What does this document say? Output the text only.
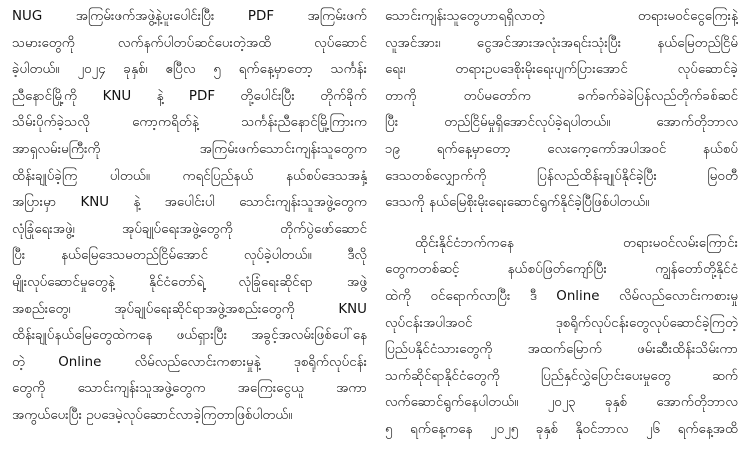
NUG အကြမ်းဖက်အဖွဲ့နဲ့ပူးပေါင်းပြီး PDF အကြမ်းဖက်
သမားတွေကို လက်နက်ပါတပ်ဆင်ပေးတဲ့အထိ လုပ်ဆောင်
ခဲ့ပါတယ်။ ၂၀၂၄ ခုနှစ်၊ ဧပြီလ ၅ ရက်နေ့မှာတော့ သင်္ကန်း
ညီနောင်မြို့ကို KNU နဲ့ PDF တို့ပေါင်းပြီး တိုက်ခိုက်
သိမ်းပိုက်ခဲ့သလို ကော့ကရိတ်နဲ့ သင်္ကန်းညီနောင်မြို့ကြားက
အာရှလမ်းမကြီးကို အကြမ်းဖက်သောင်းကျန်းသူတွေက
ထိန်းချုပ်ခဲ့ကြ ပါတယ်။ ကရင်ပြည်နယ် နယ်စပ်ဒေသအနှံ့
အပြားမှာ KNU နဲ့ အပေါင်းပါ သောင်းကျန်းသူအဖွဲ့တွေက
လုံခြုံရေးအဖွဲ့၊ အုပ်ချုပ်ရေးအဖွဲ့တွေကို တိုက်ပွဲဖော်ဆောင်
ပြီး နယ်မြေဒေသမတည်ငြိမ်အောင် လုပ်ခဲ့ပါတယ်။ ဒီလို
မျိုးလုပ်ဆောင်မှုတွေနဲ့ နိုင်ငံတော်ရဲ့ လုံခြုံရေးဆိုင်ရာ အဖွဲ့
အစည်းတွေ၊ အုပ်ချုပ်ရေးဆိုင်ရာအဖွဲ့အစည်းတွေကို KNU
ထိန်းချုပ်နယ်မြေတွေထဲကနေ ဖယ်ရှားပြီး အခွင့်အလမ်းဖြစ်ပေါ်နေ
တဲ့ Online လိမ်လည်လောင်းကစားမှုနဲ့ ဒုစရိုက်လုပ်ငန်း
တွေကို သောင်းကျန်းသူအဖွဲ့တွေက အကြေးငွေယူ အကာ
အကွယ်ပေးပြီး ဥပဒေမဲ့လုပ်ဆောင်လာခဲ့ကြတာဖြစ်ပါတယ်။
သောင်းကျန်းသူတွေဟာရရှိလာတဲ့ တရားမဝင်ငွေကြေးနဲ့
လူအင်အား၊ ငွေအင်အားအလုံးအရင်းသုံးပြီး နယ်မြေတည်ငြိမ်
ရေး၊ တရားဥပဒေစိုးမိုးရေးပျက်ပြားအောင် လုပ်ဆောင်ခဲ့
တာကို တပ်မတော်က ခက်ခက်ခဲခဲပြန်လည်တိုက်ခစ်ဆင်
ပြီး တည်ငြိမ်မှုရှိအောင်လုပ်ခဲ့ရပါတယ်။ အောက်တိုဘာလ
၁၉ ရက်နေ့မှာတော့ လေးကေ့ကော်အပါအဝင် နယ်စပ်
ဒေသတစ်လျှောက်ကို ပြန်လည်ထိန်းချုပ်နိုင်ခဲ့ပြီး မြဝတီ
ဒေသကို နယ်မြေစိုးမိုးရေးဆောင်ရွက်နိုင်ခဲ့ပြီဖြစ်ပါတယ်။
ထိုင်းနိုင်ငံဘက်ကနေ တရားမဝင်လမ်းကြောင်း
တွေကတစ်ဆင့် နယ်စပ်ဖြတ်ကျော်ပြီး ကျွန်တော်တို့နိုင်ငံ
ထဲကို ဝင်ရောက်လာပြီး ဒီ Online လိမ်လည်လောင်းကစားမှု
လုပ်ငန်းအပါအဝင် ဒုစရိုက်လုပ်ငန်းတွေလုပ်ဆောင်ခဲ့ကြတဲ့
ပြည်ပနိုင်ငံသားတွေကို အထက်မြောက် ဖမ်းဆီးထိန်းသိမ်းကာ
သက်ဆိုင်ရာနိုင်ငံတွေကို ပြည်နှင်လွှဲပြောင်းပေးမှုတွေ ဆက်
လက်ဆောင်ရွက်နေပါတယ်။ ၂၀၂၃ ခုနှစ် အောက်တိုဘာလ
၅ ရက်နေ့ကနေ ၂၀၂၅ ခုနှစ် နိုဝင်ဘာလ ၂၆ ရက်နေ့အထိ
